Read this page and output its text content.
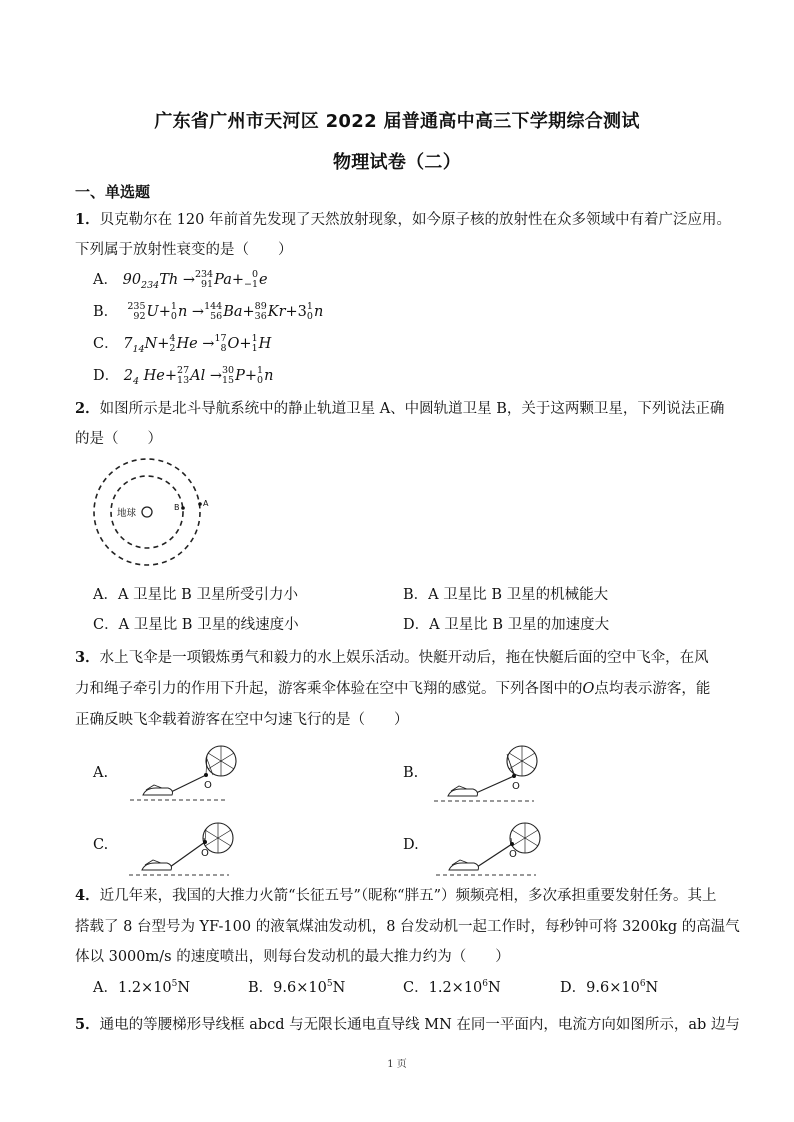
广东省广州市天河区 2022 届普通高中高三下学期综合测试
物理试卷（二）
一、单选题
1．贝克勒尔在 120 年前首先发现了天然放射现象，如今原子核的放射性在众多领域中有着广泛应用。
下列属于放射性衰变的是（　　）
A． $90_{234}Th \to 234$
91 Pa+ 0
−1 e
B． 235
92 U+ 1
0 n → 144
56 Ba+ 89
36 Kr+3 1
0 n
C． $7_{14}N+ 4$
2 He → 17
8 O+ 1
1 H
D． $2_4$ He+ 27
13 Al → 30
15 P+ 1
0 n
2．如图所示是北斗导航系统中的静止轨道卫星 A、中圆轨道卫星 B，关于这两颗卫星，下列说法正确
的是（　　）
地球
B	A
A．A 卫星比 B 卫星所受引力小	B．A 卫星比 B 卫星的机械能大
C．A 卫星比 B 卫星的线速度小	D．A 卫星比 B 卫星的加速度大
3．水上飞伞是一项锻炼勇气和毅力的水上娱乐活动。快艇开动后，拖在快艇后面的空中飞伞，在风
力和绳子牵引力的作用下升起，游客乘伞体验在空中飞翔的感觉。下列各图中的O点均表示游客，能
正确反映飞伞载着游客在空中匀速飞行的是（　　）
A.
O
B.
O
C.
O
D.
O
4．近几年来，我国的大推力火箭“长征五号”（昵称“胖五”）频频亮相，多次承担重要发射任务。其上
搭载了 8 台型号为 YF-100 的液氧煤油发动机，8 台发动机一起工作时，每秒钟可将 3200kg 的高温气
体以 3000m/s 的速度喷出，则每台发动机的最大推力约为（　　）
A．$1.2\times 10^5N$	B．$9.6\times 10^5N$	C．$1.2\times 10^6N$	D．$9.6\times 10^6N$
5．通电的等腰梯形导线框 abcd 与无限长通电直导线 MN 在同一平面内，电流方向如图所示，ab 边与
1 页
